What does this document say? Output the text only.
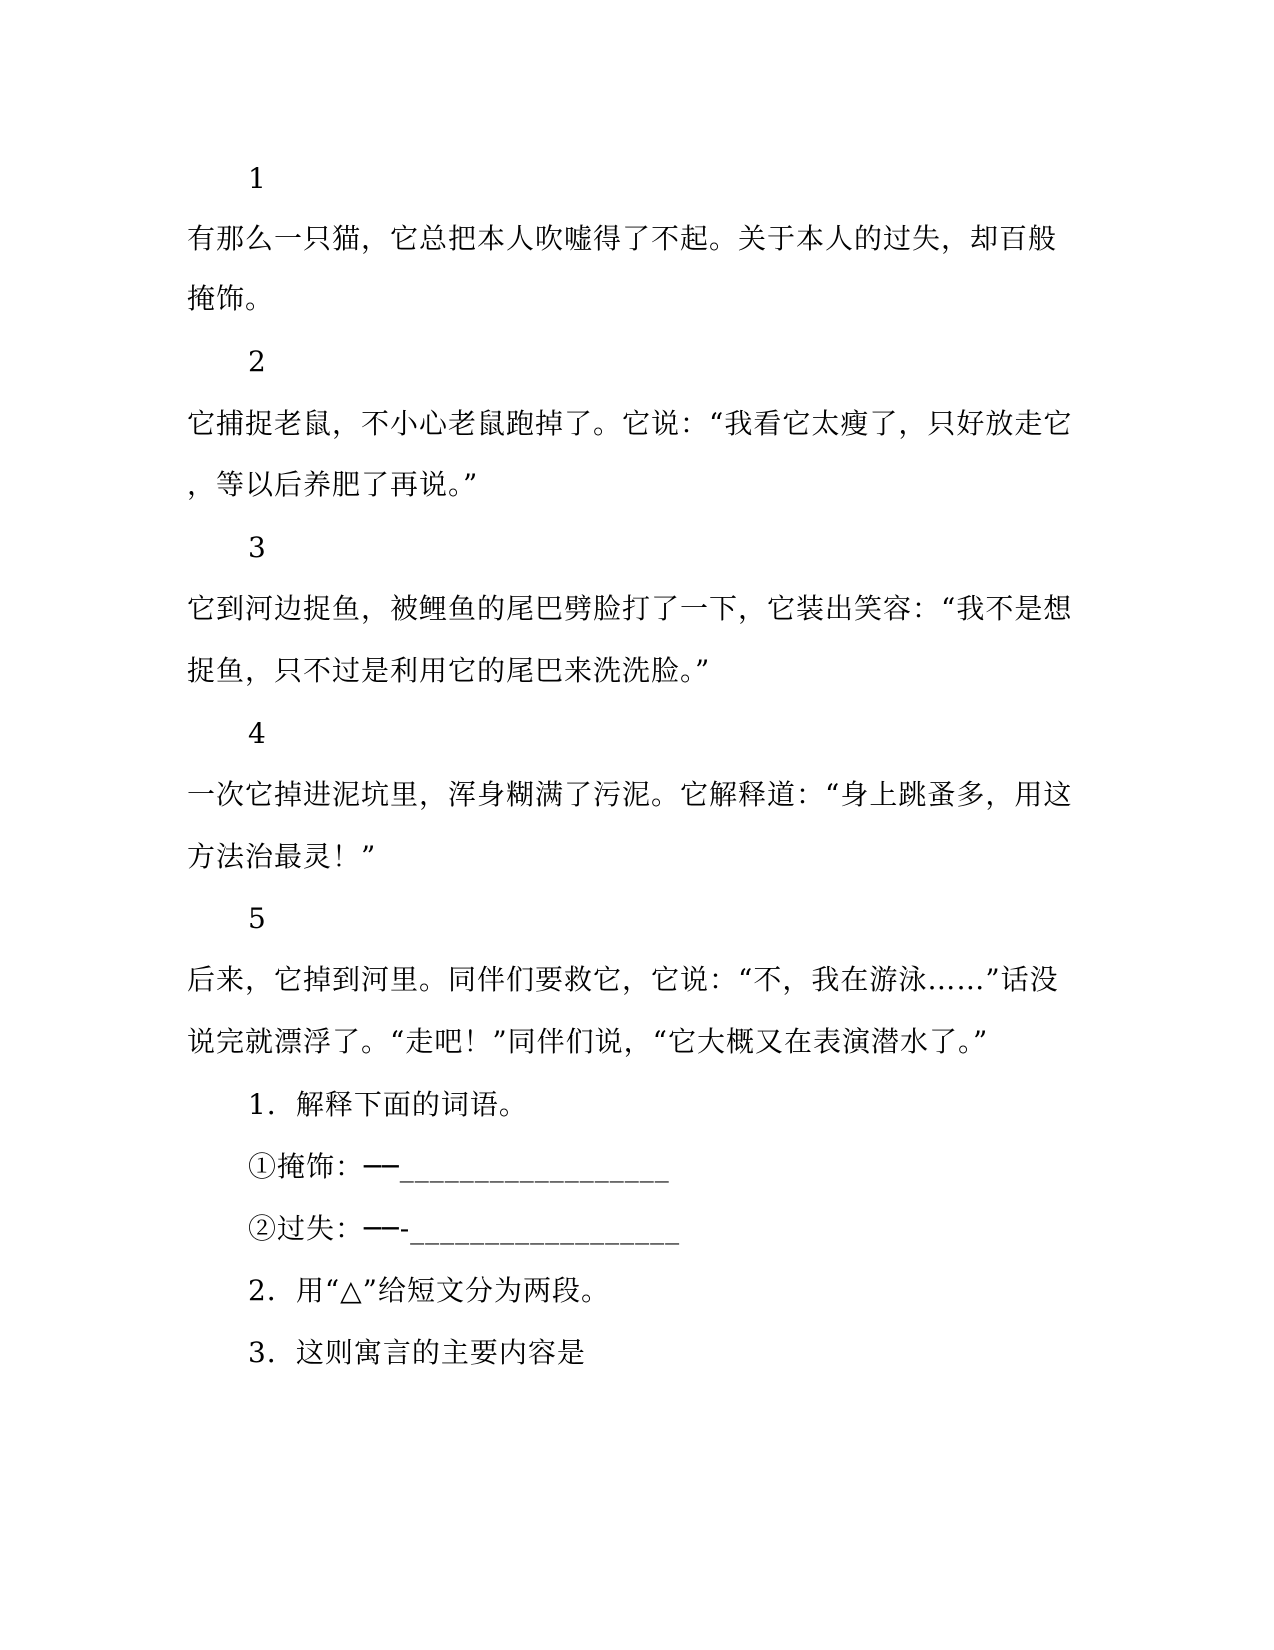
1
有那么一只猫，它总把本人吹嘘得了不起。关于本人的过失，却百般
掩饰。
2
它捕捉老鼠，不小心老鼠跑掉了。它说：“我看它太瘦了，只好放走它
，等以后养肥了再说。”
3
它到河边捉鱼，被鲤鱼的尾巴劈脸打了一下，它装出笑容：“我不是想
捉鱼，只不过是利用它的尾巴来洗洗脸。”
4
一次它掉进泥坑里，浑身糊满了污泥。它解释道：“身上跳蚤多，用这
方法治最灵！”
5
后来，它掉到河里。同伴们要救它，它说：“不，我在游泳……”话没
说完就漂浮了。“走吧！”同伴们说，“它大概又在表演潜水了。”
1．解释下面的词语。
①掩饰：──__________________
②过失：──-__________________
2．用“△”给短文分为两段。
3．这则寓言的主要内容是
